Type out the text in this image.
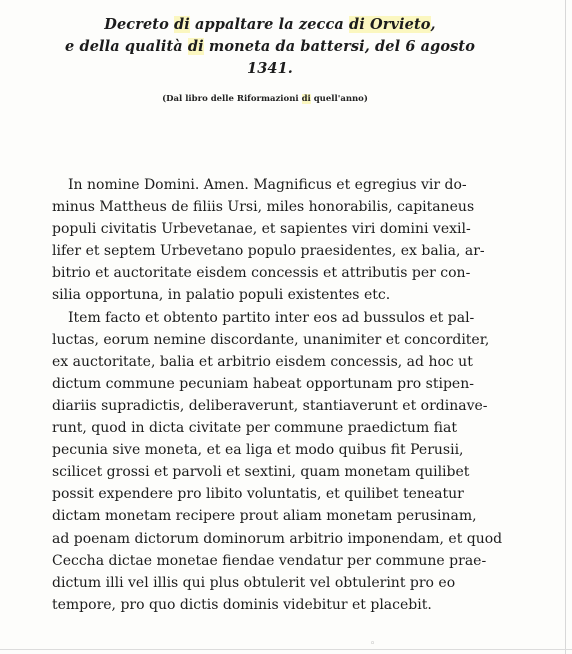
Decreto di appaltare la zecca di Orvieto,
e della qualità di moneta da battersi, del 6 agosto 1341.
(Dal libro delle Riformazioni di quell'anno)
In nomine Domini. Amen. Magnificus et egregius vir do-
minus Mattheus de filiis Ursi, miles honorabilis, capitaneus
populi civitatis Urbevetanae, et sapientes viri domini vexil-
lifer et septem Urbevetano populo praesidentes, ex balia, ar-
bitrio et auctoritate eisdem concessis et attributis per con-
silia opportuna, in palatio populi existentes etc.
Item facto et obtento partito inter eos ad bussulos et pal-
luctas, eorum nemine discordante, unanimiter et concorditer,
ex auctoritate, balia et arbitrio eisdem concessis, ad hoc ut
dictum commune pecuniam habeat opportunam pro stipen-
diariis supradictis, deliberaverunt, stantiaverunt et ordinave-
runt, quod in dicta civitate per commune praedictum fiat
pecunia sive moneta, et ea liga et modo quibus fit Perusii,
scilicet grossi et parvoli et sextini, quam monetam quilibet
possit expendere pro libito voluntatis, et quilibet teneatur
dictam monetam recipere prout aliam monetam perusinam,
ad poenam dictorum dominorum arbitrio imponendam, et quod
Ceccha dictae monetae fiendae vendatur per commune prae-
dictum illi vel illis qui plus obtulerit vel obtulerint pro eo
tempore, pro quo dictis dominis videbitur et placebit.
◦
